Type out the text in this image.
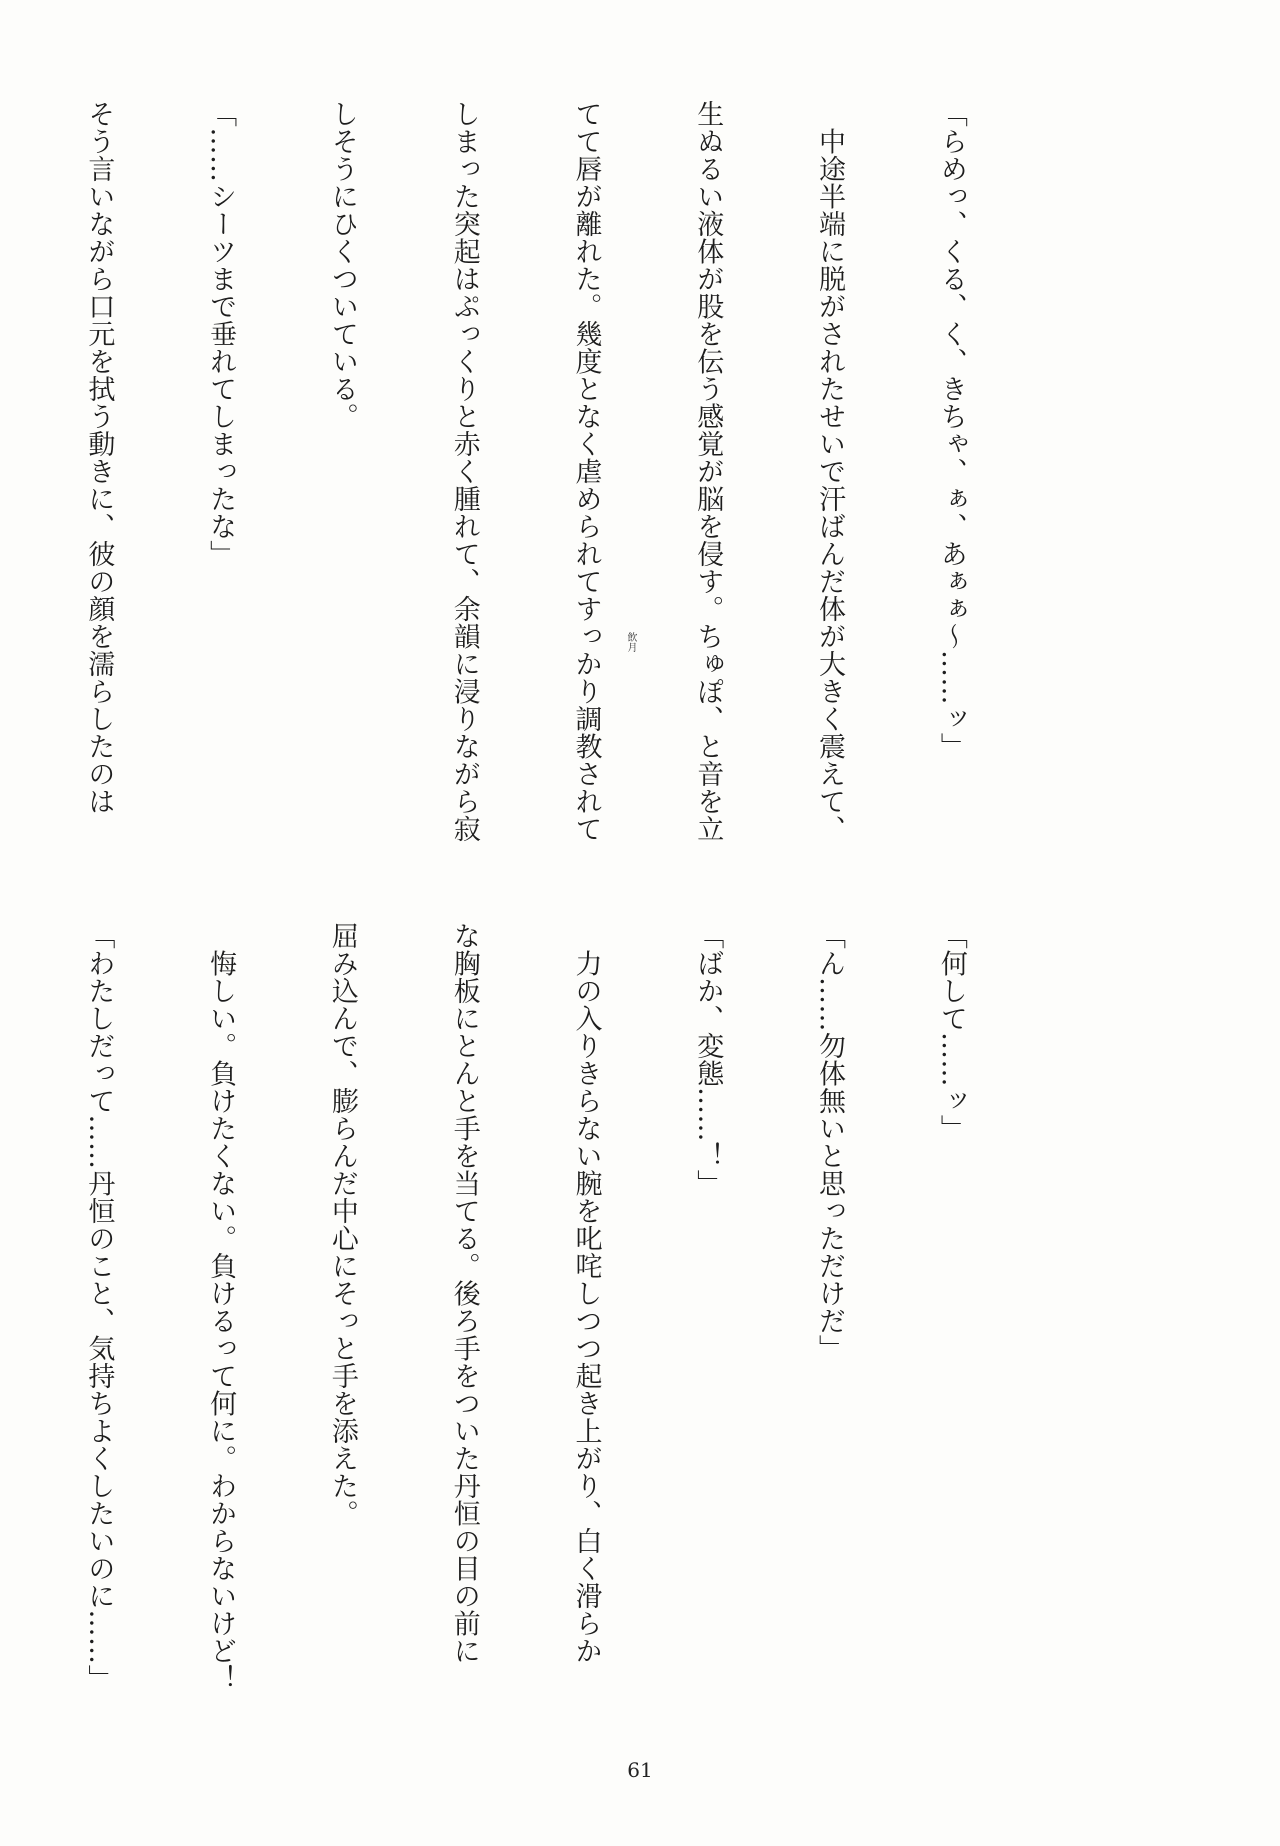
「らめっ、くる、く、きちゃ、ぁ、あぁぁ～……ッ」

　中途半端に脱がされたせいで汗ばんだ体が大きく震えて、

生ぬるい液体が股を伝う感覚が脳を侵す。ちゅぽ、と音を立

てて唇が離れた。幾度となく虐められてすっかり調教されて

しまった突起はぷっくりと赤く腫れて、余韻に浸りながら寂

しそうにひくついている。

「……シーツまで垂れてしまったな」

そう言いながら口元を拭う動きに、彼の顔を濡らしたのは

	飲月

「何して……ッ」

「ん……勿体無いと思っただけだ」

「ばか、変態……！」

　力の入りきらない腕を叱咤しつつ起き上がり、白く滑らか

な胸板にとんと手を当てる。後ろ手をついた丹恒の目の前に

屈み込んで、膨らんだ中心にそっと手を添えた。

　悔しい。負けたくない。負けるって何に。わからないけど！

「わたしだって……丹恒のこと、気持ちよくしたいのに……」

61
